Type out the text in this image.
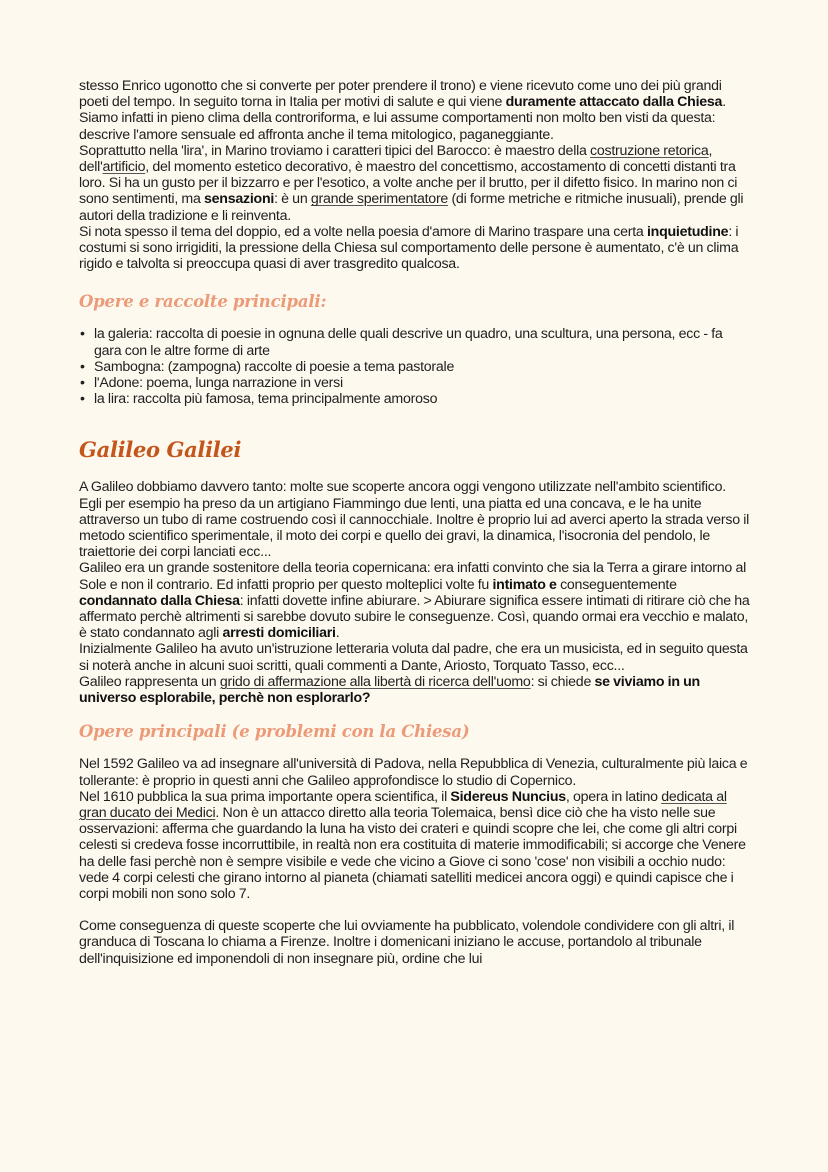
stesso Enrico ugonotto che si converte per poter prendere il trono) e viene ricevuto come uno dei più grandi poeti del tempo. In seguito torna in Italia per motivi di salute e qui viene duramente attaccato dalla Chiesa. Siamo infatti in pieno clima della controriforma, e lui assume comportamenti non molto ben visti da questa: descrive l'amore sensuale ed affronta anche il tema mitologico, paganeggiante.

Soprattutto nella 'lira', in Marino troviamo i caratteri tipici del Barocco: è maestro della costruzione retorica, dell'artificio, del momento estetico decorativo, è maestro del concettismo, accostamento di concetti distanti tra loro. Si ha un gusto per il bizzarro e per l'esotico, a volte anche per il brutto, per il difetto fisico. In marino non ci sono sentimenti, ma sensazioni: è un grande sperimentatore (di forme metriche e ritmiche inusuali), prende gli autori della tradizione e li reinventa.

Si nota spesso il tema del doppio, ed a volte nella poesia d'amore di Marino traspare una certa inquietudine: i costumi si sono irrigiditi, la pressione della Chiesa sul comportamento delle persone è aumentato, c'è un clima rigido e talvolta si preoccupa quasi di aver trasgredito qualcosa.

Opere e raccolte principali:
• la galeria: raccolta di poesie in ognuna delle quali descrive un quadro, una scultura, una persona, ecc - fa gara con le altre forme di arte
• Sambogna: (zampogna) raccolte di poesie a tema pastorale
• l'Adone: poema, lunga narrazione in versi
• la lira: raccolta più famosa, tema principalmente amoroso
Galileo Galilei

A Galileo dobbiamo davvero tanto: molte sue scoperte ancora oggi vengono utilizzate nell'ambito scientifico. Egli per esempio ha preso da un artigiano Fiammingo due lenti, una piatta ed una concava, e le ha unite attraverso un tubo di rame costruendo così il cannocchiale. Inoltre è proprio lui ad averci aperto la strada verso il metodo scientifico sperimentale, il moto dei corpi e quello dei gravi, la dinamica, l'isocronia del pendolo, le traiettorie dei corpi lanciati ecc...

Galileo era un grande sostenitore della teoria copernicana: era infatti convinto che sia la Terra a girare intorno al Sole e non il contrario. Ed infatti proprio per questo molteplici volte fu intimato e conseguentemente condannato dalla Chiesa: infatti dovette infine abiurare. > Abiurare significa essere intimati di ritirare ciò che ha affermato perchè altrimenti si sarebbe dovuto subire le conseguenze. Così, quando ormai era vecchio e malato, è stato condannato agli arresti domiciliari.

Inizialmente Galileo ha avuto un'istruzione letteraria voluta dal padre, che era un musicista, ed in seguito questa si noterà anche in alcuni suoi scritti, quali commenti a Dante, Ariosto, Torquato Tasso, ecc...

Galileo rappresenta un grido di affermazione alla libertà di ricerca dell'uomo: si chiede se viviamo in un universo esplorabile, perchè non esplorarlo?

Opere principali (e problemi con la Chiesa)

Nel 1592 Galileo va ad insegnare all'università di Padova, nella Repubblica di Venezia, culturalmente più laica e tollerante: è proprio in questi anni che Galileo approfondisce lo studio di Copernico.

Nel 1610 pubblica la sua prima importante opera scientifica, il Sidereus Nuncius, opera in latino dedicata al gran ducato dei Medici. Non è un attacco diretto alla teoria Tolemaica, bensì dice ciò che ha visto nelle sue osservazioni: afferma che guardando la luna ha visto dei crateri e quindi scopre che lei, che come gli altri corpi celesti si credeva fosse incorruttibile, in realtà non era costituita di materie immodificabili; si accorge che Venere ha delle fasi perchè non è sempre visibile e vede che vicino a Giove ci sono 'cose' non visibili a occhio nudo: vede 4 corpi celesti che girano intorno al pianeta (chiamati satelliti medicei ancora oggi) e quindi capisce che i corpi mobili non sono solo 7.

Come conseguenza di queste scoperte che lui ovviamente ha pubblicato, volendole condividere con gli altri, il granduca di Toscana lo chiama a Firenze. Inoltre i domenicani iniziano le accuse, portandolo al tribunale dell'inquisizione ed imponendoli di non insegnare più, ordine che lui
